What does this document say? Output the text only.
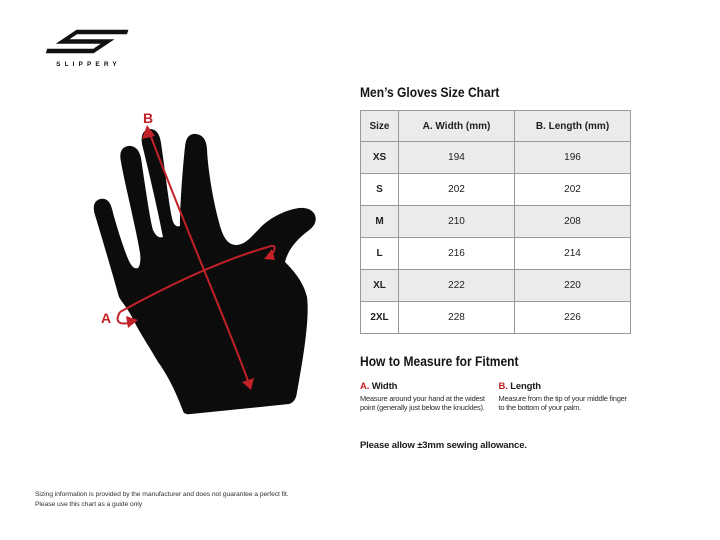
SLIPPERY
A
B
Men’s Gloves Size Chart
Size	A. Width (mm)	B. Length (mm)
XS	194	196
S	202	202
M	210	208
L	216	214
XL	222	220
2XL	228	226
How to Measure for Fitment
A. Width
Measure around your hand at the widest
point (generally just below the knuckles).
B. Length
Measure from the tip of your middle finger
to the bottom of your palm.
Please allow ±3mm sewing allowance.
Sizing information is provided by the manufacturer and does not guarantee a perfect fit.
Please use this chart as a guide only
